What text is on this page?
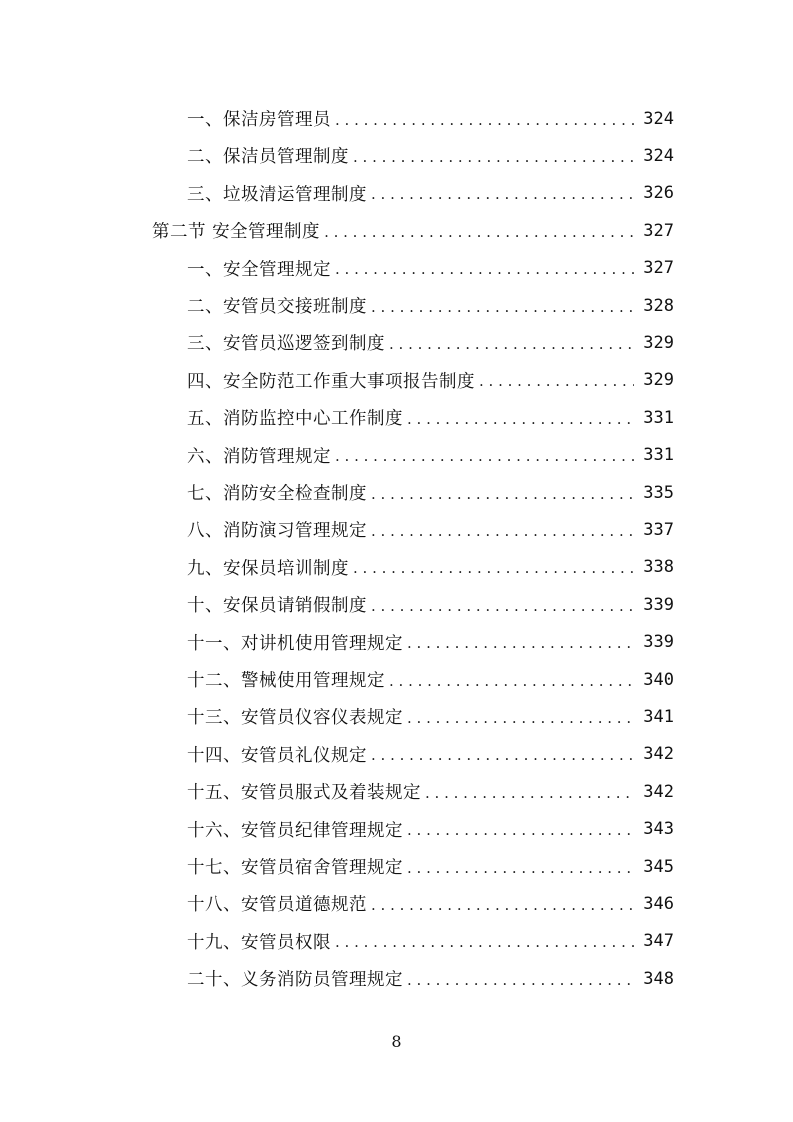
一、保洁房管理员 . . .	324
二、保洁员管理制度 . . .	324
三、垃圾清运管理制度 . . .	326
第二节 安全管理制度 . . .	327
一、安全管理规定 . . .	327
二、安管员交接班制度 . . .	328
三、安管员巡逻签到制度 . . .	329
四、安全防范工作重大事项报告制度 . . .	329
五、消防监控中心工作制度 . . .	331
六、消防管理规定 . . .	331
七、消防安全检查制度 . . .	335
八、消防演习管理规定 . . .	337
九、安保员培训制度 . . .	338
十、安保员请销假制度 . . .	339
十一、对讲机使用管理规定 . . .	339
十二、警械使用管理规定 . . .	340
十三、安管员仪容仪表规定 . . .	341
十四、安管员礼仪规定 . . .	342
十五、安管员服式及着装规定 . . .	342
十六、安管员纪律管理规定 . . .	343
十七、安管员宿舍管理规定 . . .	345
十八、安管员道德规范 . . .	346
十九、安管员权限 . . .	347
二十、义务消防员管理规定 . . .	348
8
